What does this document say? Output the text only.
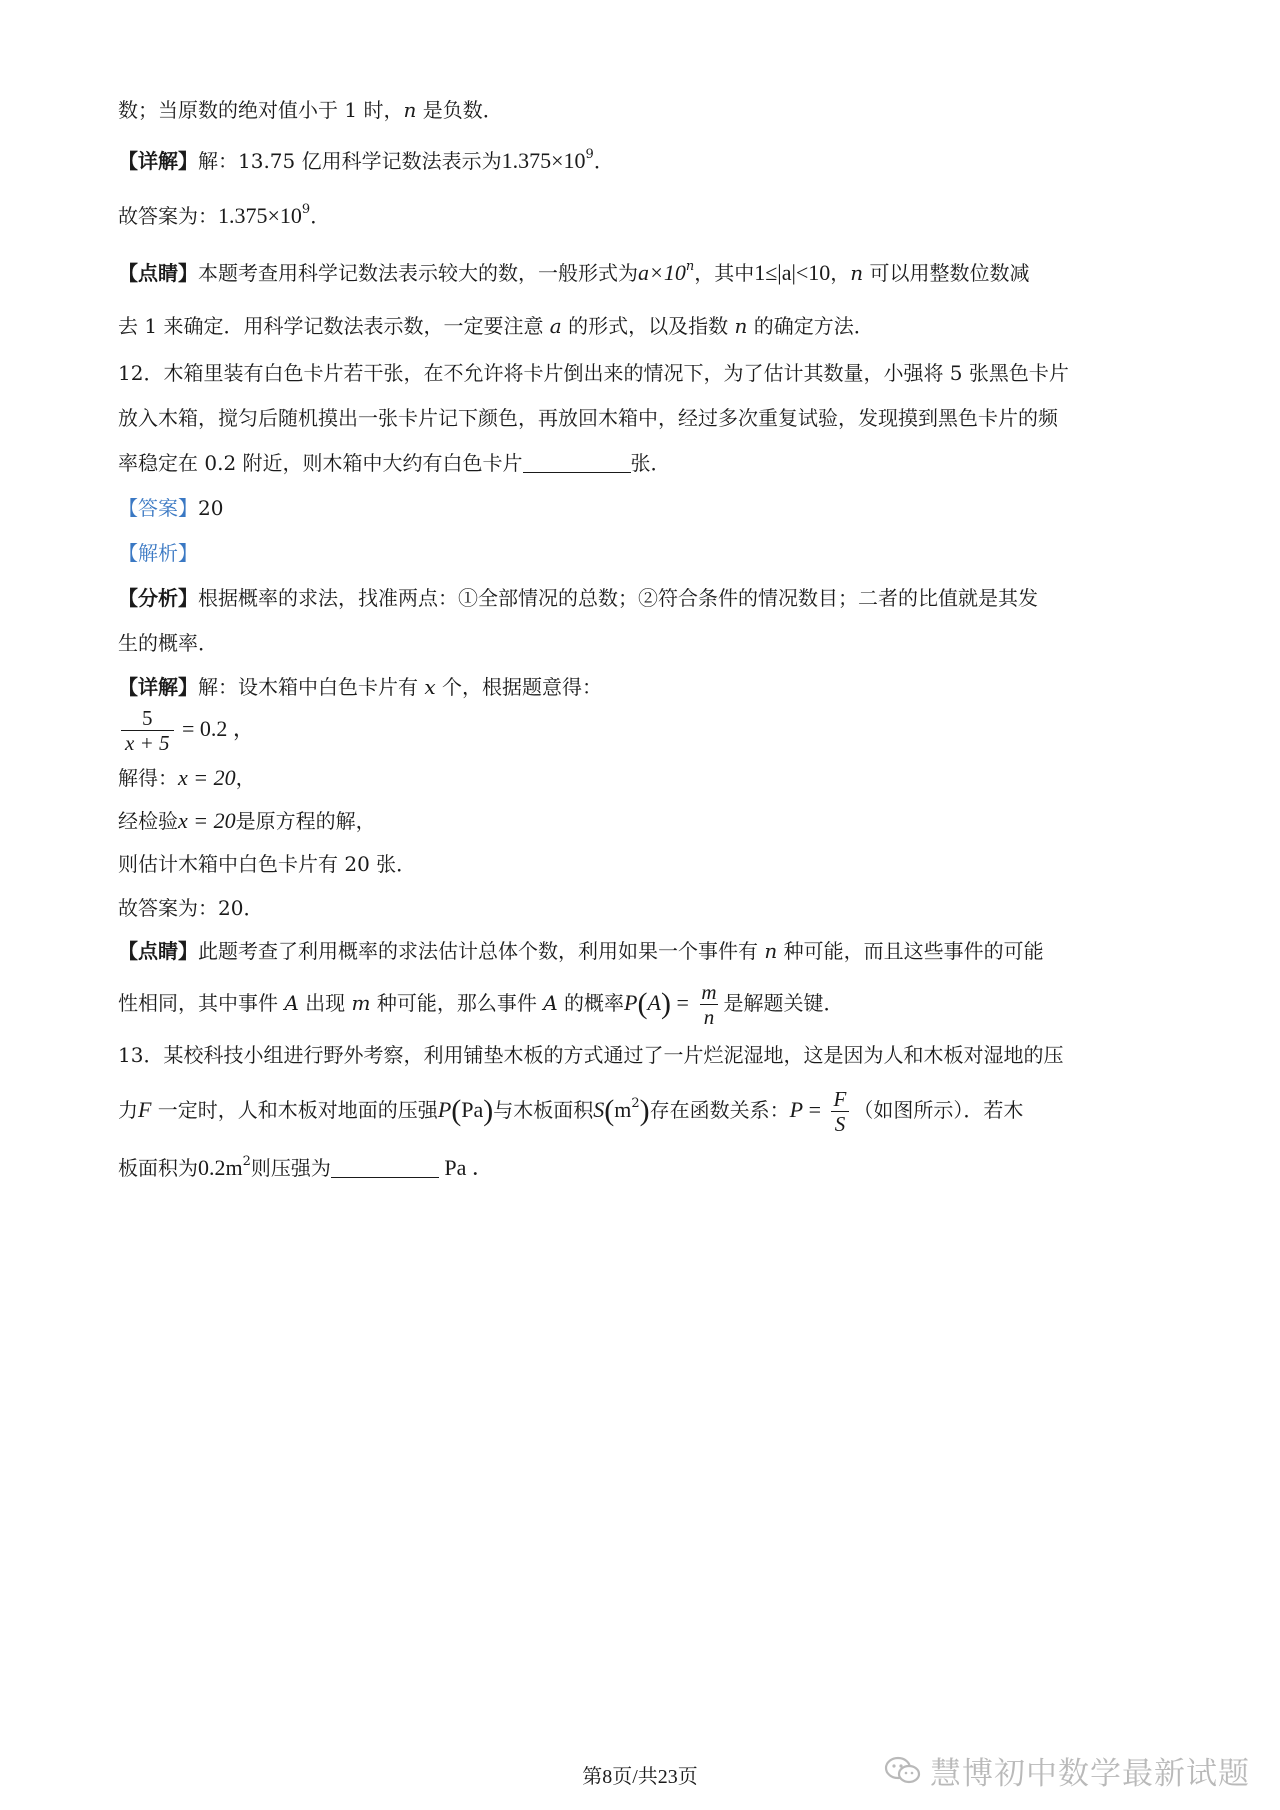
数；当原数的绝对值小于 1 时，n 是负数．
【详解】解：13.75 亿用科学记数法表示为$1.375\times 10^9$．
故答案为：$1.375\times 10^9$．
【点睛】本题考查用科学记数法表示较大的数，一般形式为$a\times 10^n$，其中1≤|a|<10，n 可以用整数位数减
去 1 来确定．用科学记数法表示数，一定要注意 a 的形式，以及指数 n 的确定方法．
12．木箱里装有白色卡片若干张，在不允许将卡片倒出来的情况下，为了估计其数量，小强将 5 张黑色卡片
放入木箱，搅匀后随机摸出一张卡片记下颜色，再放回木箱中，经过多次重复试验，发现摸到黑色卡片的频
率稳定在 0.2 附近，则木箱中大约有白色卡片	张．
【答案】20
【解析】
【分析】根据概率的求法，找准两点：①全部情况的总数；②符合条件的情况数目；二者的比值就是其发
生的概率．
【详解】解：设木箱中白色卡片有 x 个，根据题意得：
$\frac{5}{x + 5} = 0.2$ ，
解得：x = 20，
经检验x = 20是原方程的解，
则估计木箱中白色卡片有 20 张．
故答案为：20．
【点睛】此题考查了利用概率的求法估计总体个数，利用如果一个事件有 n 种可能，而且这些事件的可能
性相同，其中事件 A 出现 m 种可能，那么事件 A 的概率$P(A) = \frac{m}{n}$ 是解题关键．
13．某校科技小组进行野外考察，利用铺垫木板的方式通过了一片烂泥湿地，这是因为人和木板对湿地的压
力F 一定时，人和木板对地面的压强P(Pa)与木板面积$S(m^2)$存在函数关系：$P = \frac{F}{S}$ （如图所示）．若木
板面积为$0.2m^2$则压强为	Pa ．
第8页/共23页	慧博初中数学最新试题
